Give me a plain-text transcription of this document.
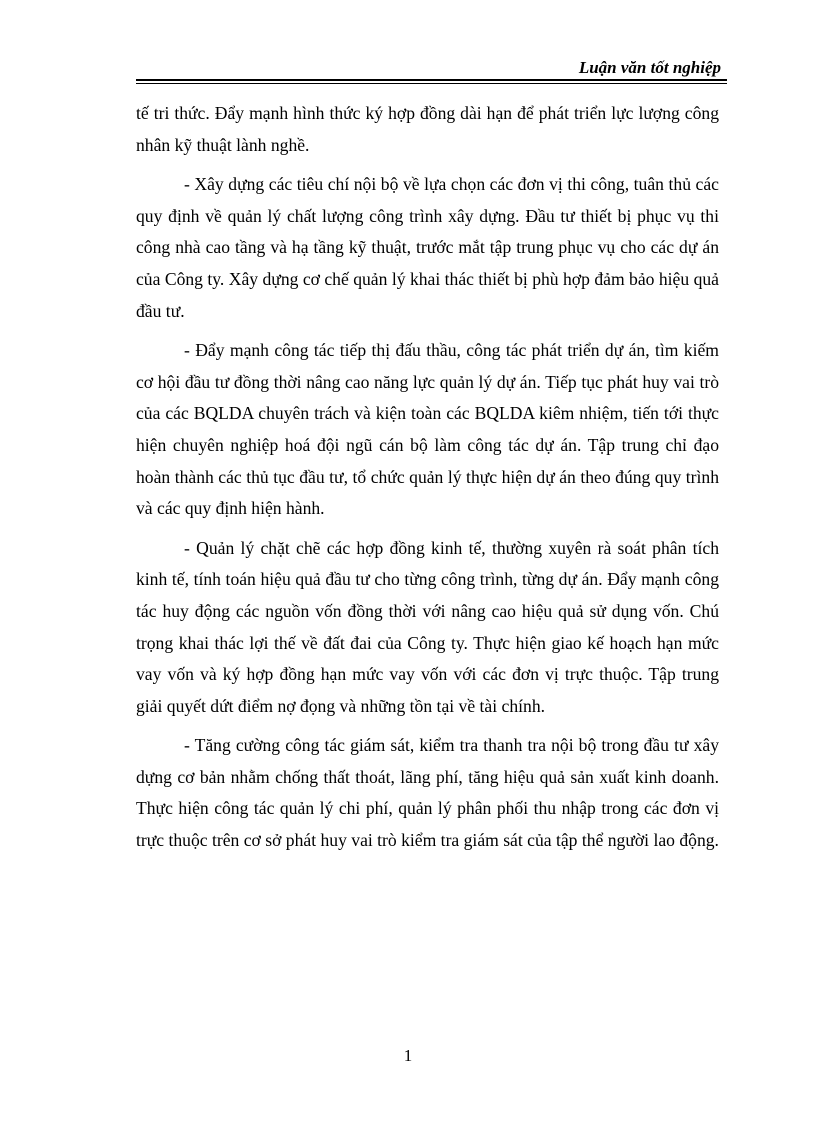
Luận văn tốt nghiệp

tế tri thức. Đẩy mạnh hình thức ký hợp đồng dài hạn để phát triển lực lượng công nhân kỹ thuật lành nghề.

- Xây dựng các tiêu chí nội bộ về lựa chọn các đơn vị thi công, tuân thủ các quy định về quản lý chất lượng công trình xây dựng. Đầu tư thiết bị phục vụ thi công nhà cao tầng và hạ tầng kỹ thuật, trước mắt tập trung phục vụ cho các dự án của Công ty. Xây dựng cơ chế quản lý khai thác thiết bị phù hợp đảm bảo hiệu quả đầu tư.

- Đẩy mạnh công tác tiếp thị đấu thầu, công tác phát triển dự án, tìm kiếm cơ hội đầu tư đồng thời nâng cao năng lực quản lý dự án. Tiếp tục phát huy vai trò của các BQLDA chuyên trách và kiện toàn các BQLDA kiêm nhiệm, tiến tới thực hiện chuyên nghiệp hoá đội ngũ cán bộ làm công tác dự án. Tập trung chỉ đạo hoàn thành các thủ tục đầu tư, tổ chức quản lý thực hiện dự án theo đúng quy trình và các quy định hiện hành.

- Quản lý chặt chẽ các hợp đồng kinh tế, thường xuyên rà soát phân tích kinh tế, tính toán hiệu quả đầu tư cho từng công trình, từng dự án. Đẩy mạnh công tác huy động các nguồn vốn đồng thời với nâng cao hiệu quả sử dụng vốn. Chú trọng khai thác lợi thế về đất đai của Công ty. Thực hiện giao kế hoạch hạn mức vay vốn và ký hợp đồng hạn mức vay vốn với các đơn vị trực thuộc. Tập trung giải quyết dứt điểm nợ đọng và những tồn tại về tài chính.

- Tăng cường công tác giám sát, kiểm tra thanh tra nội bộ trong đầu tư xây dựng cơ bản nhằm chống thất thoát, lãng phí, tăng hiệu quả sản xuất kinh doanh. Thực hiện công tác quản lý chi phí, quản lý phân phối thu nhập trong các đơn vị trực thuộc trên cơ sở phát huy vai trò kiểm tra giám sát của tập thể người lao động.

1
